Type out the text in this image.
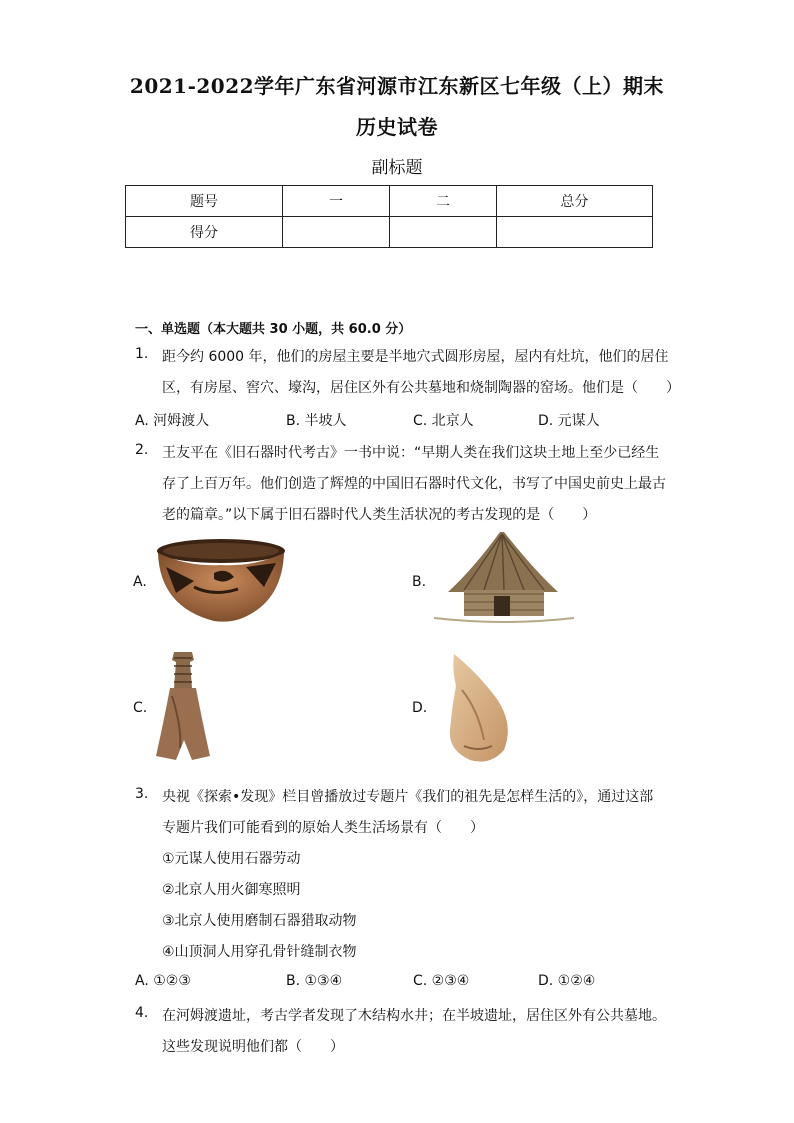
2021-2022学年广东省河源市江东新区七年级（上）期末
历史试卷
副标题
题号	一	二	总分
得分			
一、单选题（本大题共 30 小题，共 60.0 分）
1. 距今约 6000 年，他们的房屋主要是半地穴式圆形房屋，屋内有灶坑，他们的居住
区，有房屋、窖穴、壕沟，居住区外有公共墓地和烧制陶器的窑场。他们是（　　）
A. 河姆渡人	B. 半坡人	C. 北京人	D. 元谋人
2. 王友平在《旧石器时代考古》一书中说：“早期人类在我们这块土地上至少已经生
存了上百万年。他们创造了辉煌的中国旧石器时代文化，书写了中国史前史上最古
老的篇章。”以下属于旧石器时代人类生活状况的考古发现的是（　　）
A.	B.
C.	D.
3. 央视《探索•发现》栏目曾播放过专题片《我们的祖先是怎样生活的》，通过这部
专题片我们可能看到的原始人类生活场景有（　　）
①元谋人使用石器劳动
②北京人用火御寒照明
③北京人使用磨制石器猎取动物
④山顶洞人用穿孔骨针缝制衣物
A. ①②③	B. ①③④	C. ②③④	D. ①②④
4. 在河姆渡遗址，考古学者发现了木结构水井；在半坡遗址，居住区外有公共墓地。
这些发现说明他们都（　　）
